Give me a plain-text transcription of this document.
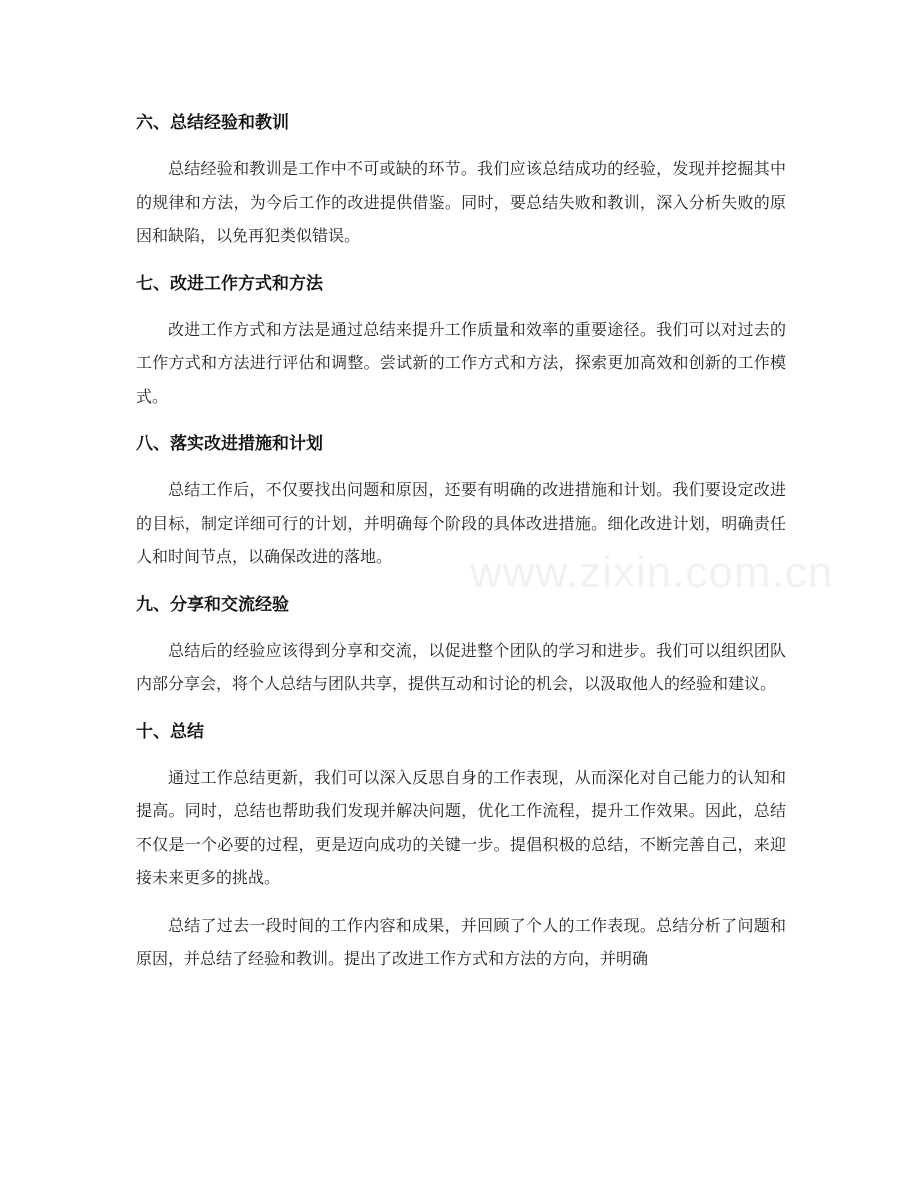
六、总结经验和教训

总结经验和教训是工作中不可或缺的环节。我们应该总结成功的经验，发现并挖掘其中的规律和方法，为今后工作的改进提供借鉴。同时，要总结失败和教训，深入分析失败的原因和缺陷，以免再犯类似错误。

七、改进工作方式和方法

改进工作方式和方法是通过总结来提升工作质量和效率的重要途径。我们可以对过去的工作方式和方法进行评估和调整。尝试新的工作方式和方法，探索更加高效和创新的工作模式。

八、落实改进措施和计划

总结工作后，不仅要找出问题和原因，还要有明确的改进措施和计划。我们要设定改进的目标，制定详细可行的计划，并明确每个阶段的具体改进措施。细化改进计划，明确责任人和时间节点，以确保改进的落地。

九、分享和交流经验

总结后的经验应该得到分享和交流，以促进整个团队的学习和进步。我们可以组织团队内部分享会，将个人总结与团队共享，提供互动和讨论的机会，以汲取他人的经验和建议。

十、总结

通过工作总结更新，我们可以深入反思自身的工作表现，从而深化对自己能力的认知和提高。同时，总结也帮助我们发现并解决问题，优化工作流程，提升工作效果。因此，总结不仅是一个必要的过程，更是迈向成功的关键一步。提倡积极的总结，不断完善自己，来迎接未来更多的挑战。

总结了过去一段时间的工作内容和成果，并回顾了个人的工作表现。总结分析了问题和原因，并总结了经验和教训。提出了改进工作方式和方法的方向，并明确

www.zixin.com.cn
